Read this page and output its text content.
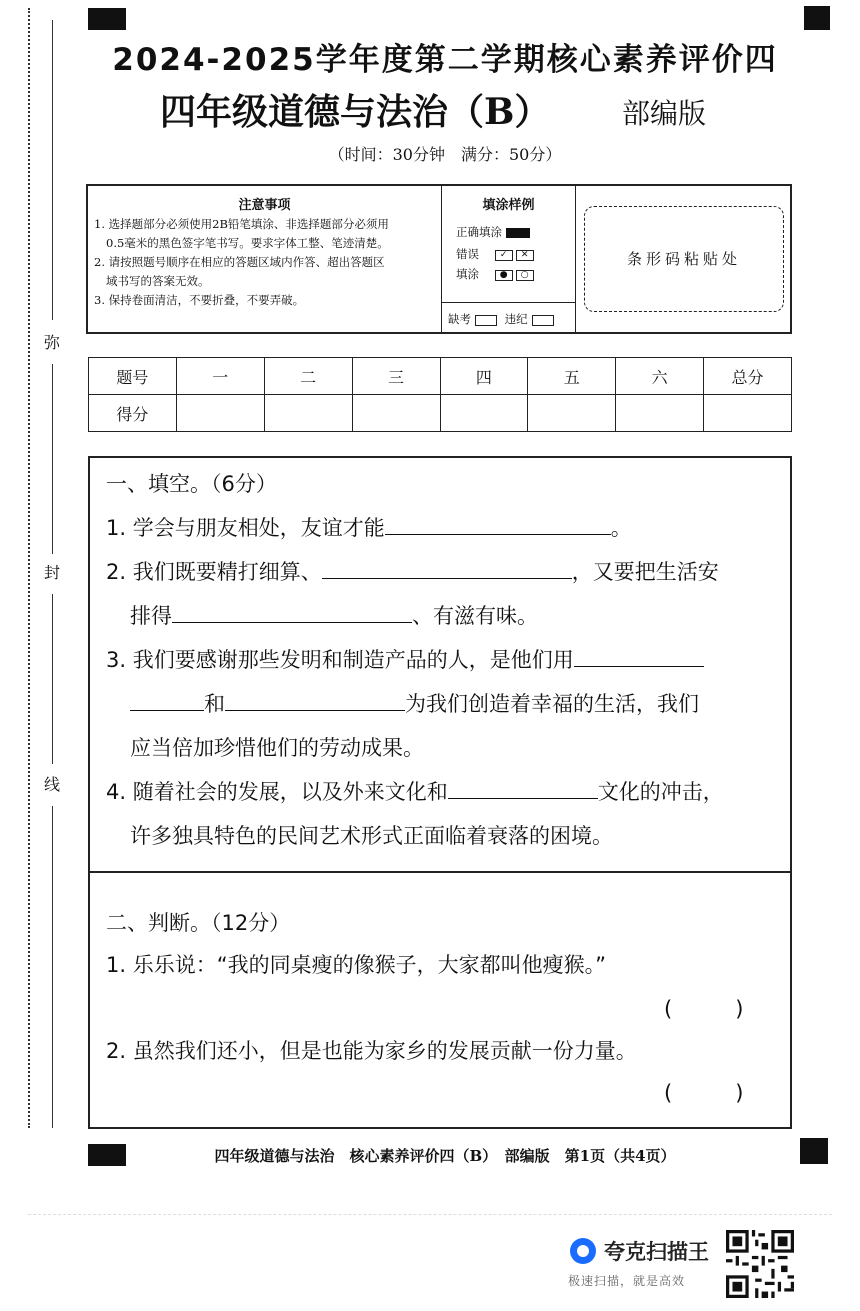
弥
封
线
2024-2025学年度第二学期核心素养评价四
四年级道德与法治（B）	部编版
（时间：30分钟　满分：50分）
注意事项

1. 选择题部分必须使用2B铅笔填涂、非选择题部分必须用

0.5毫米的黑色签字笔书写。要求字体工整、笔迹清楚。

2. 请按照题号顺序在相应的答题区域内作答、超出答题区

域书写的答案无效。

3. 保持卷面清洁，不要折叠，不要弄破。

填涂样例
正确填涂
错误 ✓ ✕
填涂 ● ○
缺考	违纪
条形码粘贴处
题号	一	二	三	四	五	六	总分
得分							
一、填空。（6分）
1. 学会与朋友相处，友谊才能	。
2. 我们既要精打细算、	，又要把生活安
排得	、有滋有味。
3. 我们要感谢那些发明和制造产品的人，是他们用
和	为我们创造着幸福的生活，我们
应当倍加珍惜他们的劳动成果。
4. 随着社会的发展，以及外来文化和	文化的冲击，
许多独具特色的民间艺术形式正面临着衰落的困境。
二、判断。（12分）
1. 乐乐说：“我的同桌瘦的像猴子，大家都叫他瘦猴。”
(　　　)
2. 虽然我们还小，但是也能为家乡的发展贡献一份力量。
(　　　)
四年级道德与法治　核心素养评价四（B）　部编版　第1页（共4页）
夸克扫描王
极速扫描，就是高效
